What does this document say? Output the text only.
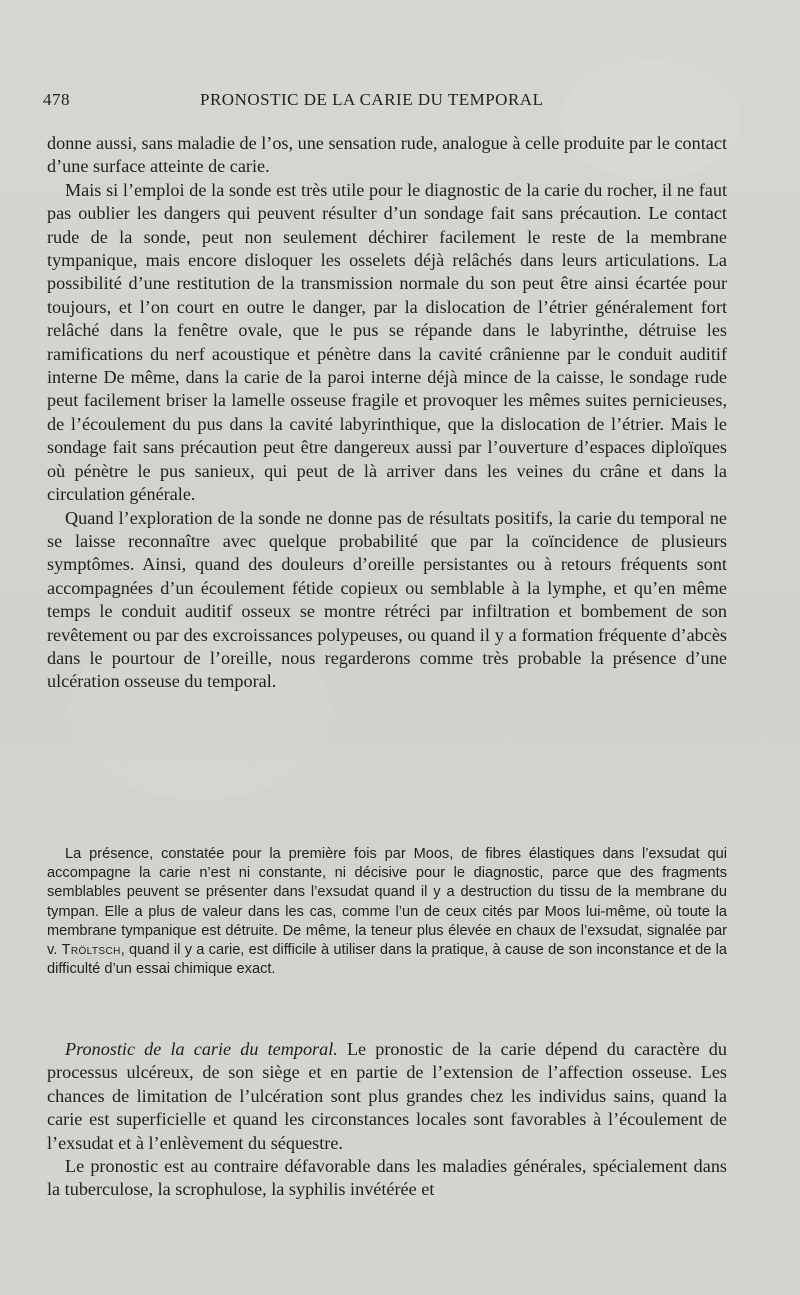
478	PRONOSTIC DE LA CARIE DU TEMPORAL

donne aussi, sans maladie de l’os, une sensation rude, analogue à celle produite par le contact d’une surface atteinte de carie.

Mais si l’emploi de la sonde est très utile pour le diagnostic de la carie du rocher, il ne faut pas oublier les dangers qui peuvent résulter d’un sondage fait sans précaution. Le contact rude de la sonde, peut non seulement déchirer facilement le reste de la membrane tympanique, mais encore disloquer les osselets déjà relâchés dans leurs articulations. La possibilité d’une restitution de la transmission normale du son peut être ainsi écartée pour toujours, et l’on court en outre le danger, par la dislocation de l’étrier généralement fort relâché dans la fenêtre ovale, que le pus se répande dans le labyrinthe, détruise les ramifications du nerf acoustique et pénètre dans la cavité crânienne par le conduit auditif interne De même, dans la carie de la paroi interne déjà mince de la caisse, le sondage rude peut facilement briser la lamelle osseuse fragile et provoquer les mêmes suites pernicieuses, de l’écoulement du pus dans la cavité labyrinthique, que la dislocation de l’étrier. Mais le sondage fait sans précaution peut être dangereux aussi par l’ouverture d’espaces diploïques où pénètre le pus sanieux, qui peut de là arriver dans les veines du crâne et dans la circulation générale.

Quand l’exploration de la sonde ne donne pas de résultats positifs, la carie du temporal ne se laisse reconnaître avec quelque probabilité que par la coïncidence de plusieurs symptômes. Ainsi, quand des douleurs d’oreille persistantes ou à retours fréquents sont accompagnées d’un écoulement fétide copieux ou semblable à la lymphe, et qu’en même temps le conduit auditif osseux se montre rétréci par infiltration et bombement de son revêtement ou par des excroissances polypeuses, ou quand il y a formation fréquente d’abcès dans le pourtour de l’oreille, nous regarderons comme très probable la présence d’une ulcération osseuse du temporal.

La présence, constatée pour la première fois par Moos, de fibres élastiques dans l’exsudat qui accompagne la carie n’est ni constante, ni décisive pour le diagnostic, parce que des fragments semblables peuvent se présenter dans l’exsudat quand il y a destruction du tissu de la membrane du tympan. Elle a plus de valeur dans les cas, comme l’un de ceux cités par Moos lui-même, où toute la membrane tympanique est détruite. De même, la teneur plus élevée en chaux de l’exsudat, signalée par v. Tröltsch, quand il y a carie, est difficile à utiliser dans la pratique, à cause de son inconstance et de la difficulté d’un essai chimique exact.

Pronostic de la carie du temporal. Le pronostic de la carie dépend du caractère du processus ulcéreux, de son siège et en partie de l’extension de l’affection osseuse. Les chances de limitation de l’ulcération sont plus grandes chez les individus sains, quand la carie est superficielle et quand les circonstances locales sont favorables à l’écoulement de l’exsudat et à l’enlèvement du séquestre.

Le pronostic est au contraire défavorable dans les maladies générales, spécialement dans la tuberculose, la scrophulose, la syphilis invétérée et
